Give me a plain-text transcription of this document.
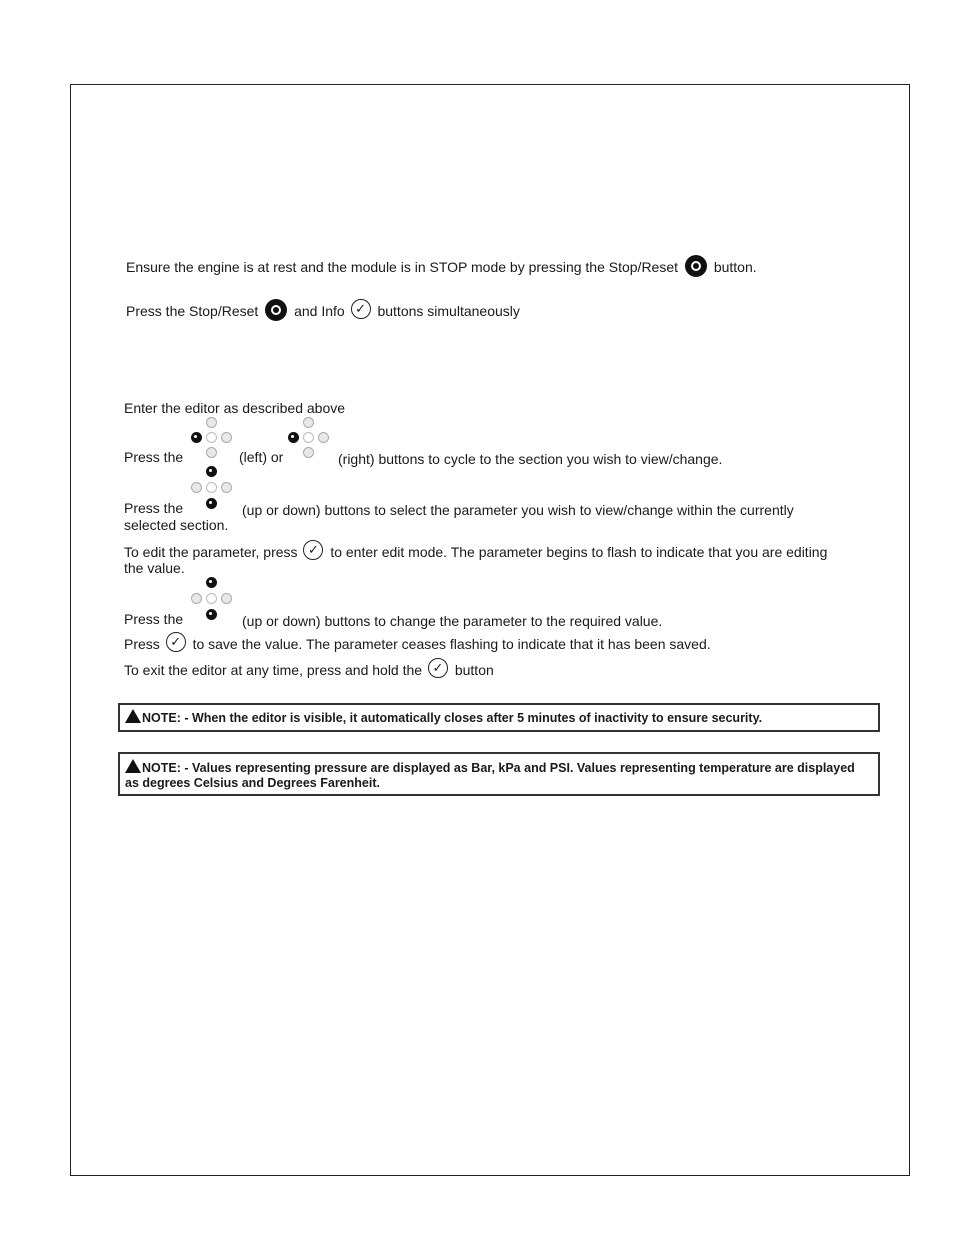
Ensure the engine is at rest and the module is in STOP mode by pressing the Stop/Reset	button.
Press the Stop/Reset	and Info ✓ buttons simultaneously
Enter the editor as described above
Press the	(left) or	(right) buttons to cycle to the section you wish to view/change.
Press the	(up or down) buttons to select the parameter you wish to view/change within the currently
selected section.
To edit the parameter, press ✓ to enter edit mode. The parameter begins to flash to indicate that you are editing
the value.
Press the	(up or down) buttons to change the parameter to the required value.
Press ✓ to save the value. The parameter ceases flashing to indicate that it has been saved.
To exit the editor at any time, press and hold the ✓ button
NOTE: - When the editor is visible, it automatically closes after 5 minutes of inactivity to ensure security.
NOTE: - Values representing pressure are displayed as Bar, kPa and PSI. Values representing temperature are displayed as degrees Celsius and Degrees Farenheit.
